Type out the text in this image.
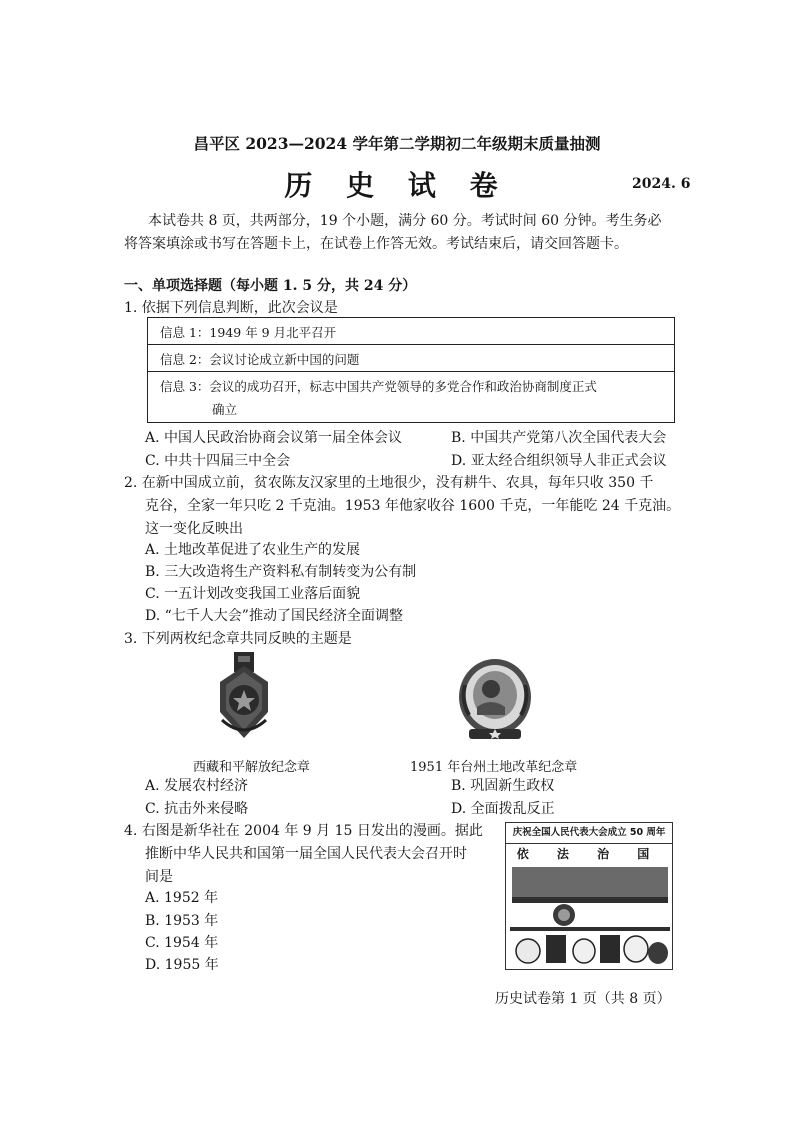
昌平区 2023—2024 学年第二学期初二年级期末质量抽测
历 史 试 卷	2024. 6
本试卷共 8 页，共两部分，19 个小题，满分 60 分。考试时间 60 分钟。考生务必
将答案填涂或书写在答题卡上，在试卷上作答无效。考试结束后，请交回答题卡。
一、单项选择题（每小题 1. 5 分，共 24 分）
1. 依据下列信息判断，此次会议是
信息 1：1949 年 9 月北平召开
信息 2：会议讨论成立新中国的问题
信息 3：会议的成功召开，标志中国共产党领导的多党合作和政治协商制度正式
确立
A. 中国人民政治协商会议第一届全体会议	B. 中国共产党第八次全国代表大会
C. 中共十四届三中全会	D. 亚太经合组织领导人非正式会议
2. 在新中国成立前，贫农陈友汉家里的土地很少，没有耕牛、农具，每年只收 350 千
克谷，全家一年只吃 2 千克油。1953 年他家收谷 1600 千克，一年能吃 24 千克油。
这一变化反映出
A. 土地改革促进了农业生产的发展
B. 三大改造将生产资料私有制转变为公有制
C. 一五计划改变我国工业落后面貌
D. “七千人大会”推动了国民经济全面调整
3. 下列两枚纪念章共同反映的主题是
西藏和平解放纪念章	1951 年台州土地改革纪念章
A. 发展农村经济	B. 巩固新生政权
C. 抗击外来侵略	D. 全面拨乱反正
4. 右图是新华社在 2004 年 9 月 15 日发出的漫画。据此
推断中华人民共和国第一届全国人民代表大会召开时
间是
A. 1952 年
B. 1953 年
C. 1954 年
D. 1955 年
庆祝全国人民代表大会成立 50 周年
依 法 治 国
历史试卷第 1 页（共 8 页）
